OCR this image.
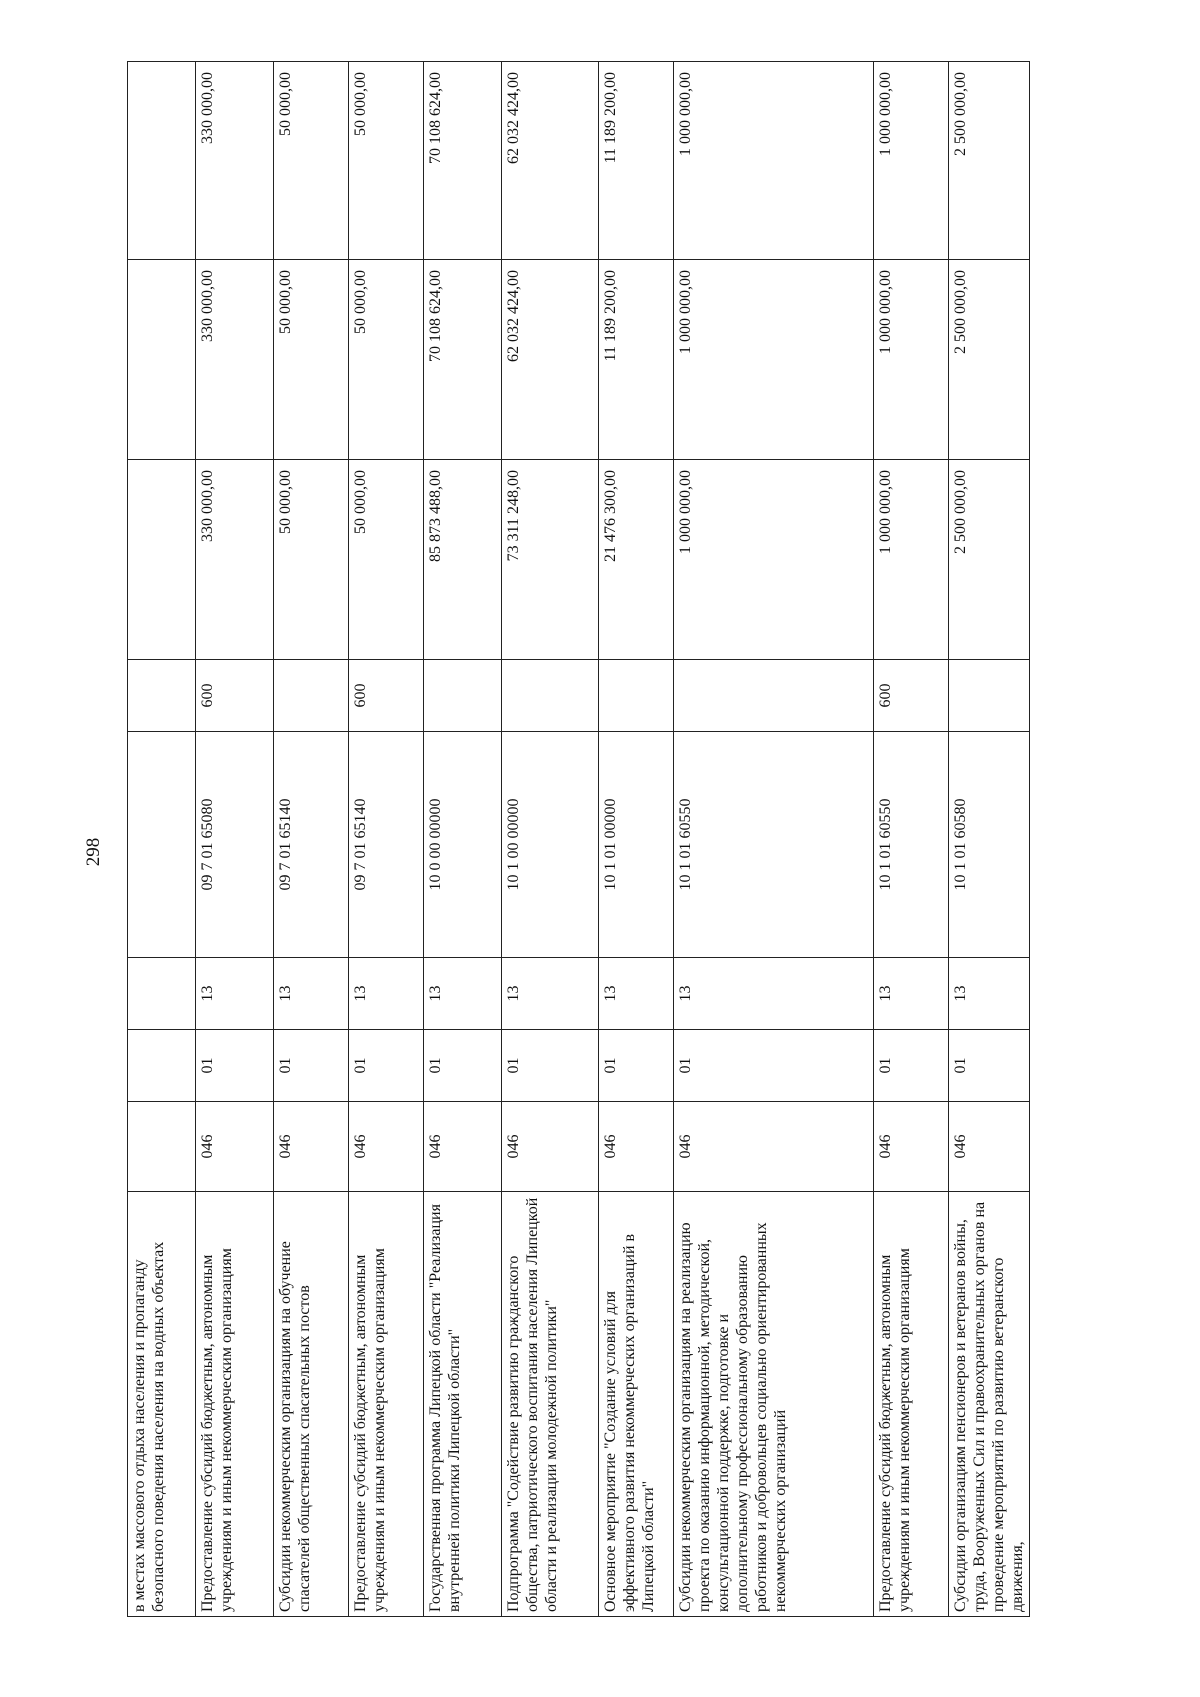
298
в местах массового отдыха населения и пропаганду безопасного поведения населения на водных объектах								
Предоставление субсидий бюджетным, автономным учреждениям и иным некоммерческим организациям	046	01	13	09 7 01 65080	600	330 000,00	330 000,00	330 000,00
Субсидии некоммерческим организациям на обучение спасателей общественных спасательных постов	046	01	13	09 7 01 65140		50 000,00	50 000,00	50 000,00
Предоставление субсидий бюджетным, автономным учреждениям и иным некоммерческим организациям	046	01	13	09 7 01 65140	600	50 000,00	50 000,00	50 000,00
Государственная программа Липецкой области "Реализация внутренней политики Липецкой области"	046	01	13	10 0 00 00000		85 873 488,00	70 108 624,00	70 108 624,00
Подпрограмма "Содействие развитию гражданского общества, патриотического воспитания населения Липецкой области и реализации молодежной политики"	046	01	13	10 1 00 00000		73 311 248,00	62 032 424,00	62 032 424,00
Основное мероприятие "Создание условий для эффективного развития некоммерческих организаций в Липецкой области"	046	01	13	10 1 01 00000		21 476 300,00	11 189 200,00	11 189 200,00
Субсидии некоммерческим организациям на реализацию проекта по оказанию информационной, методической, консультационной поддержке, подготовке и дополнительному профессиональному образованию работников и добровольцев социально ориентированных некоммерческих организаций	046	01	13	10 1 01 60550		1 000 000,00	1 000 000,00	1 000 000,00
Предоставление субсидий бюджетным, автономным учреждениям и иным некоммерческим организациям	046	01	13	10 1 01 60550	600	1 000 000,00	1 000 000,00	1 000 000,00
Субсидии организациям пенсионеров и ветеранов войны, труда, Вооруженных Сил и правоохранительных органов на проведение мероприятий по развитию ветеранского движения,	046	01	13	10 1 01 60580		2 500 000,00	2 500 000,00	2 500 000,00
